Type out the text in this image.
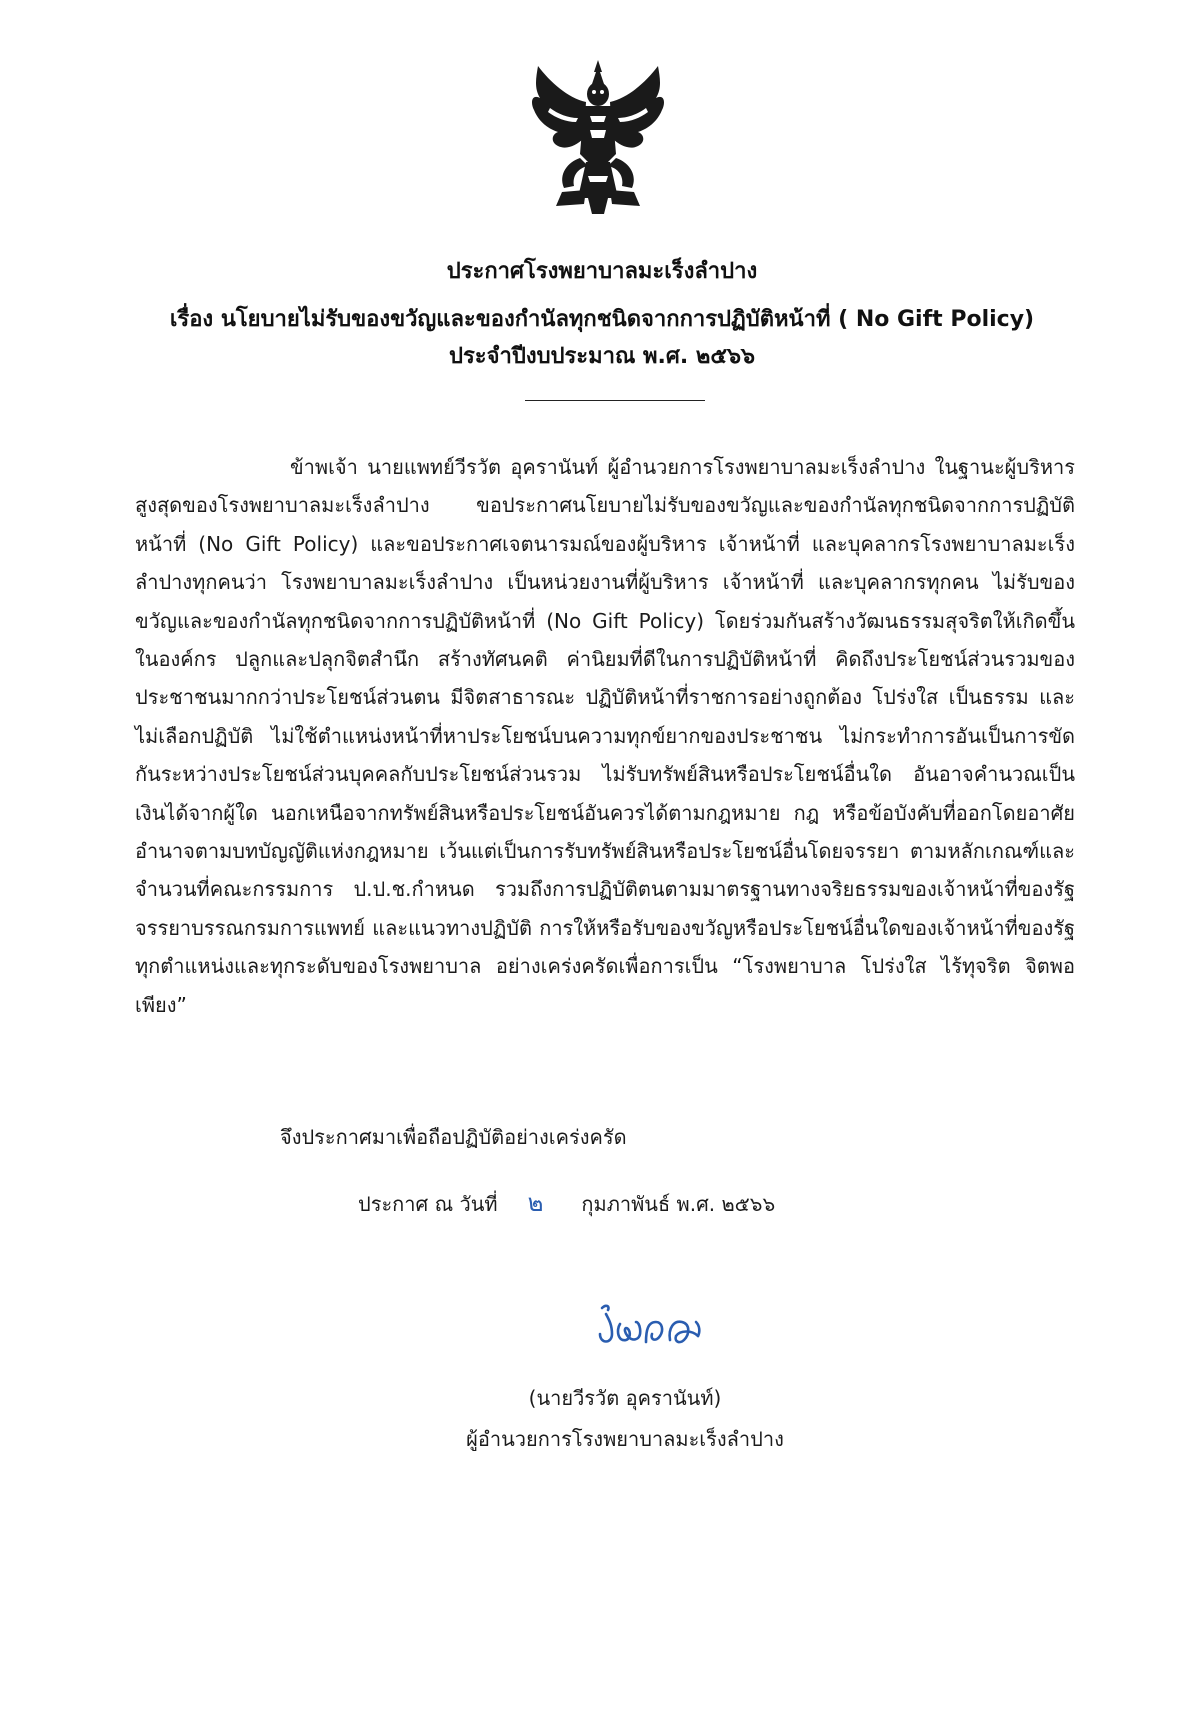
ประกาศโรงพยาบาลมะเร็งลำปาง
เรื่อง นโยบายไม่รับของขวัญและของกำนัลทุกชนิดจากการปฏิบัติหน้าที่ ( No Gift Policy)
ประจำปีงบประมาณ พ.ศ. ๒๕๖๖
ข้าพเจ้า นายแพทย์วีรวัต อุคร​านันท์ ผู้อำนวยการโรงพยาบาลมะเร็งลำปาง ในฐานะผู้บริหารสูงสุดของโรงพยาบาลมะเร็งลำปาง ขอประกาศนโยบายไม่รับของขวัญและของกำนัลทุกชนิดจากการปฏิบัติหน้าที่ (No Gift Policy) และขอประกาศเจตนารมณ์ของผู้บริหาร เจ้าหน้าที่ และบุคลากรโรงพยาบาลมะเร็งลำปางทุกคนว่า โรงพยาบาลมะเร็งลำปาง เป็นหน่วยงานที่ผู้บริหาร เจ้าหน้าที่ และบุคลากรทุกคน ไม่รับของขวัญและของกำนัลทุกชนิดจากการปฏิบัติหน้าที่ (No Gift Policy) โดยร่วมกันสร้างวัฒนธรรมสุจริตให้เกิดขึ้นในองค์กร ปลูกและปลุกจิตสำนึก สร้างทัศนคติ ค่านิยมที่ดีในการปฏิบัติหน้าที่ คิดถึงประโยชน์ส่วนรวมของประชาชนมากกว่าประโยชน์ส่วนตน มีจิตสาธารณะ ปฏิบัติหน้าที่ราชการอย่างถูกต้อง โปร่งใส เป็นธรรม และไม่เลือกปฏิบัติ ไม่ใช้ตำแหน่งหน้าที่หาประโยชน์บนความทุกข์ยากของประชาชน ไม่กระทำการอันเป็นการขัดกันระหว่างประโยชน์ส่วนบุคคลกับประโยชน์ส่วนรวม ไม่รับทรัพย์สินหรือประโยชน์อื่นใด อันอาจคำนวณเป็นเงินได้จากผู้ใด นอกเหนือจากทรัพย์สินหรือประโยชน์อันควรได้ตามกฎหมาย กฎ หรือข้อบังคับที่ออกโดยอาศัยอำนาจตามบทบัญญัติแห่งกฎหมาย เว้นแต่เป็นการรับทรัพย์สินหรือประโยชน์อื่นโดยจรรยา ตามหลักเกณฑ์และจำนวนที่คณะกรรมการ ป.ป.ช.กำหนด รวมถึงการปฏิบัติตนตามมาตรฐานทางจริยธรรมของเจ้าหน้าที่ของรัฐ จรรยาบรรณกรมการแพทย์ และแนวทางปฏิบัติ การให้หรือรับของขวัญหรือประโยชน์อื่นใดของเจ้าหน้าที่ของรัฐ ทุกตำแหน่งและทุกระดับของโรงพยาบาล อย่างเคร่งครัดเพื่อการเป็น “โรงพยาบาล โปร่งใส ไร้ทุจริต จิตพอเพียง”
จึงประกาศมาเพื่อถือปฏิบัติอย่างเคร่งครัด
ประกาศ ณ วันที่ ๒ กุมภาพันธ์ พ.ศ. ๒๕๖๖
(นายวีรวัต อุคราน​ันท์)
ผู้อำนวยการโรงพยาบาลมะเร็งลำปาง
